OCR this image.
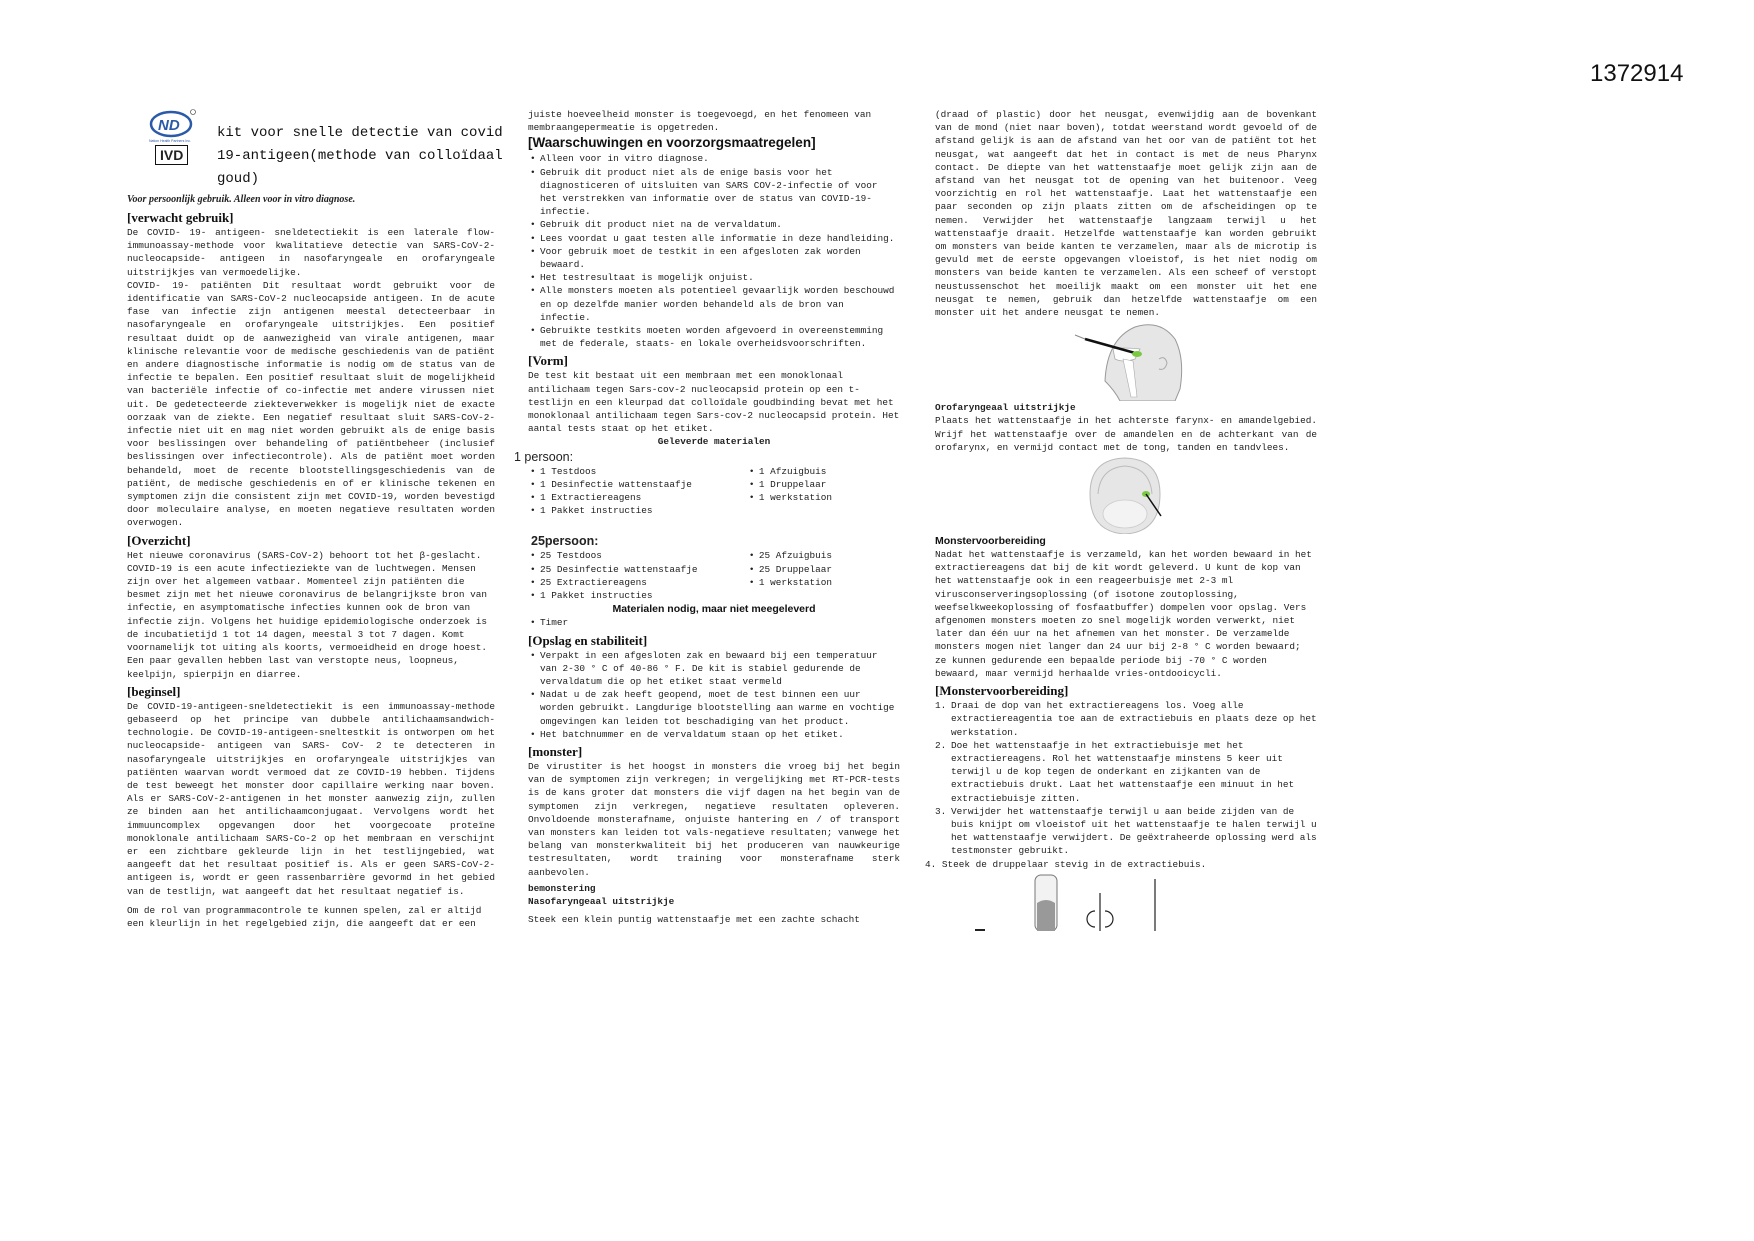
1372914
ND
Nation Health Partners Inc.
IVD
kit voor snelle detectie van covid 19-antigeen(methode van colloïdaal goud)
Voor persoonlijk gebruik. Alleen voor in vitro diagnose.
[verwacht gebruik]
De COVID- 19- antigeen- sneldetectiekit is een laterale flow-immunoassay-methode voor kwalitatieve detectie van SARS-CoV-2-nucleocapside- antigeen in nasofaryngeale en orofaryngeale uitstrijkjes van vermoedelijke.
COVID- 19- patiënten Dit resultaat wordt gebruikt voor de identificatie van SARS-CoV-2 nucleocapside antigeen. In de acute fase van infectie zijn antigenen meestal detecteerbaar in nasofaryngeale en orofaryngeale uitstrijkjes. Een positief resultaat duidt op de aanwezigheid van virale antigenen, maar klinische relevantie voor de medische geschiedenis van de patiënt en andere diagnostische informatie is nodig om de status van de infectie te bepalen. Een positief resultaat sluit de mogelijkheid van bacteriële infectie of co-infectie met andere virussen niet uit. De gedetecteerde ziekteverwekker is mogelijk niet de exacte oorzaak van de ziekte. Een negatief resultaat sluit SARS-CoV-2-infectie niet uit en mag niet worden gebruikt als de enige basis voor beslissingen over behandeling of patiëntbeheer (inclusief beslissingen over infectiecontrole). Als de patiënt moet worden behandeld, moet de recente blootstellingsgeschiedenis van de patiënt, de medische geschiedenis en of er klinische tekenen en symptomen zijn die consistent zijn met COVID-19, worden bevestigd door moleculaire analyse, en moeten negatieve resultaten worden overwogen.
[Overzicht]
Het nieuwe coronavirus (SARS-CoV-2) behoort tot het β-geslacht. COVID-19 is een acute infectieziekte van de luchtwegen. Mensen zijn over het algemeen vatbaar. Momenteel zijn patiënten die besmet zijn met het nieuwe coronavirus de belangrijkste bron van infectie, en asymptomatische infecties kunnen ook de bron van infectie zijn. Volgens het huidige epidemiologische onderzoek is de incubatietijd 1 tot 14 dagen, meestal 3 tot 7 dagen. Komt voornamelijk tot uiting als koorts, vermoeidheid en droge hoest. Een paar gevallen hebben last van verstopte neus, loopneus, keelpijn, spierpijn en diarree.
[beginsel]
De COVID-19-antigeen-sneldetectiekit is een immunoassay-methode gebaseerd op het principe van dubbele antilichaamsandwich-technologie. De COVID-19-antigeen-sneltestkit is ontworpen om het nucleocapside- antigeen van SARS- CoV- 2 te detecteren in nasofaryngeale uitstrijkjes en orofaryngeale uitstrijkjes van patiënten waarvan wordt vermoed dat ze COVID-19 hebben. Tijdens de test beweegt het monster door capillaire werking naar boven. Als er SARS-CoV-2-antigenen in het monster aanwezig zijn, zullen ze binden aan het antilichaamconjugaat. Vervolgens wordt het immuuncomplex opgevangen door het voorgecoate proteïne monoklonale antilichaam SARS-Co-2 op het membraan en verschijnt er een zichtbare gekleurde lijn in het testlijngebied, wat aangeeft dat het resultaat positief is. Als er geen SARS-CoV-2-antigeen is, wordt er geen rassenbarrière gevormd in het gebied van de testlijn, wat aangeeft dat het resultaat negatief is.
Om de rol van programmacontrole te kunnen spelen, zal er altijd een kleurlijn in het regelgebied zijn, die aangeeft dat er een
juiste hoeveelheid monster is toegevoegd, en het fenomeen van membraangepermeatie is opgetreden.
[Waarschuwingen en voorzorgsmaatregelen]
• Alleen voor in vitro diagnose.
• Gebruik dit product niet als de enige basis voor het diagnosticeren of uitsluiten van SARS COV-2-infectie of voor het verstrekken van informatie over de status van COVID-19-infectie.
• Gebruik dit product niet na de vervaldatum.
• Lees voordat u gaat testen alle informatie in deze handleiding.
• Voor gebruik moet de testkit in een afgesloten zak worden bewaard.
• Het testresultaat is mogelijk onjuist.
• Alle monsters moeten als potentieel gevaarlijk worden beschouwd en op dezelfde manier worden behandeld als de bron van infectie.
• Gebruikte testkits moeten worden afgevoerd in overeenstemming met de federale, staats- en lokale overheidsvoorschriften.
[Vorm]
De test kit bestaat uit een membraan met een monoklonaal antilichaam tegen Sars-cov-2 nucleocapsid protein op een t-testlijn en een kleurpad dat colloïdale goudbinding bevat met het monoklonaal antilichaam tegen Sars-cov-2 nucleocapsid protein. Het aantal tests staat op het etiket.
Geleverde materialen
1 persoon:
• 1 Testdoos
• 1 Desinfectie wattenstaafje
• 1 Extractiereagens
• 1 Pakket instructies
• 1 Afzuigbuis
• 1 Druppelaar
• 1 werkstation
25persoon:
• 25 Testdoos
• 25 Desinfectie wattenstaafje
• 25 Extractiereagens
• 1 Pakket instructies
• 25 Afzuigbuis
• 25 Druppelaar
• 1 werkstation
Materialen nodig, maar niet meegeleverd
• Timer
[Opslag en stabiliteit]
• Verpakt in een afgesloten zak en bewaard bij een temperatuur van 2-30 ° C of 40-86 ° F. De kit is stabiel gedurende de vervaldatum die op het etiket staat vermeld
• Nadat u de zak heeft geopend, moet de test binnen een uur worden gebruikt. Langdurige blootstelling aan warme en vochtige omgevingen kan leiden tot beschadiging van het product.
• Het batchnummer en de vervaldatum staan op het etiket.
[monster]
De virustiter is het hoogst in monsters die vroeg bij het begin van de symptomen zijn verkregen; in vergelijking met RT-PCR-tests is de kans groter dat monsters die vijf dagen na het begin van de symptomen zijn verkregen, negatieve resultaten opleveren. Onvoldoende monsterafname, onjuiste hantering en / of transport van monsters kan leiden tot vals-negatieve resultaten; vanwege het belang van monsterkwaliteit bij het produceren van nauwkeurige testresultaten, wordt training voor monsterafname sterk aanbevolen.
bemonstering
Nasofaryngeaal uitstrijkje
Steek een klein puntig wattenstaafje met een zachte schacht
(draad of plastic) door het neusgat, evenwijdig aan de bovenkant van de mond (niet naar boven), totdat weerstand wordt gevoeld of de afstand gelijk is aan de afstand van het oor van de patiënt tot het neusgat, wat aangeeft dat het in contact is met de neus Pharynx contact. De diepte van het wattenstaafje moet gelijk zijn aan de afstand van het neusgat tot de opening van het buitenoor. Veeg voorzichtig en rol het wattenstaafje. Laat het wattenstaafje een paar seconden op zijn plaats zitten om de afscheidingen op te nemen. Verwijder het wattenstaafje langzaam terwijl u het wattenstaafje draait. Hetzelfde wattenstaafje kan worden gebruikt om monsters van beide kanten te verzamelen, maar als de microtip is gevuld met de eerste opgevangen vloeistof, is het niet nodig om monsters van beide kanten te verzamelen. Als een scheef of verstopt neustussenschot het moeilijk maakt om een monster uit het ene neusgat te nemen, gebruik dan hetzelfde wattenstaafje om een monster uit het andere neusgat te nemen.
Orofaryngeaal uitstrijkje
Plaats het wattenstaafje in het achterste farynx- en amandelgebied. Wrijf het wattenstaafje over de amandelen en de achterkant van de orofarynx, en vermijd contact met de tong, tanden en tandvlees.
Monstervoorbereiding
Nadat het wattenstaafje is verzameld, kan het worden bewaard in het extractiereagens dat bij de kit wordt geleverd. U kunt de kop van het wattenstaafje ook in een reageerbuisje met 2-3 ml virusconserveringsoplossing (of isotone zoutoplossing, weefselkweekoplossing of fosfaatbuffer) dompelen voor opslag. Vers afgenomen monsters moeten zo snel mogelijk worden verwerkt, niet later dan één uur na het afnemen van het monster. De verzamelde monsters mogen niet langer dan 24 uur bij 2-8 ° C worden bewaard; ze kunnen gedurende een bepaalde periode bij -70 ° C worden bewaard, maar vermijd herhaalde vries-ontdooicycli.
[Monstervoorbereiding]
1. Draai de dop van het extractiereagens los. Voeg alle extractiereagentia toe aan de extractiebuis en plaats deze op het werkstation.
2. Doe het wattenstaafje in het extractiebuisje met het extractiereagens. Rol het wattenstaafje minstens 5 keer uit terwijl u de kop tegen de onderkant en zijkanten van de extractiebuis drukt. Laat het wattenstaafje een minuut in het extractiebuisje zitten.
3. Verwijder het wattenstaafje terwijl u aan beide zijden van de buis knijpt om vloeistof uit het wattenstaafje te halen terwijl u het wattenstaafje verwijdert. De geëxtraheerde oplossing werd als testmonster gebruikt.
4. Steek de druppelaar stevig in de extractiebuis.
